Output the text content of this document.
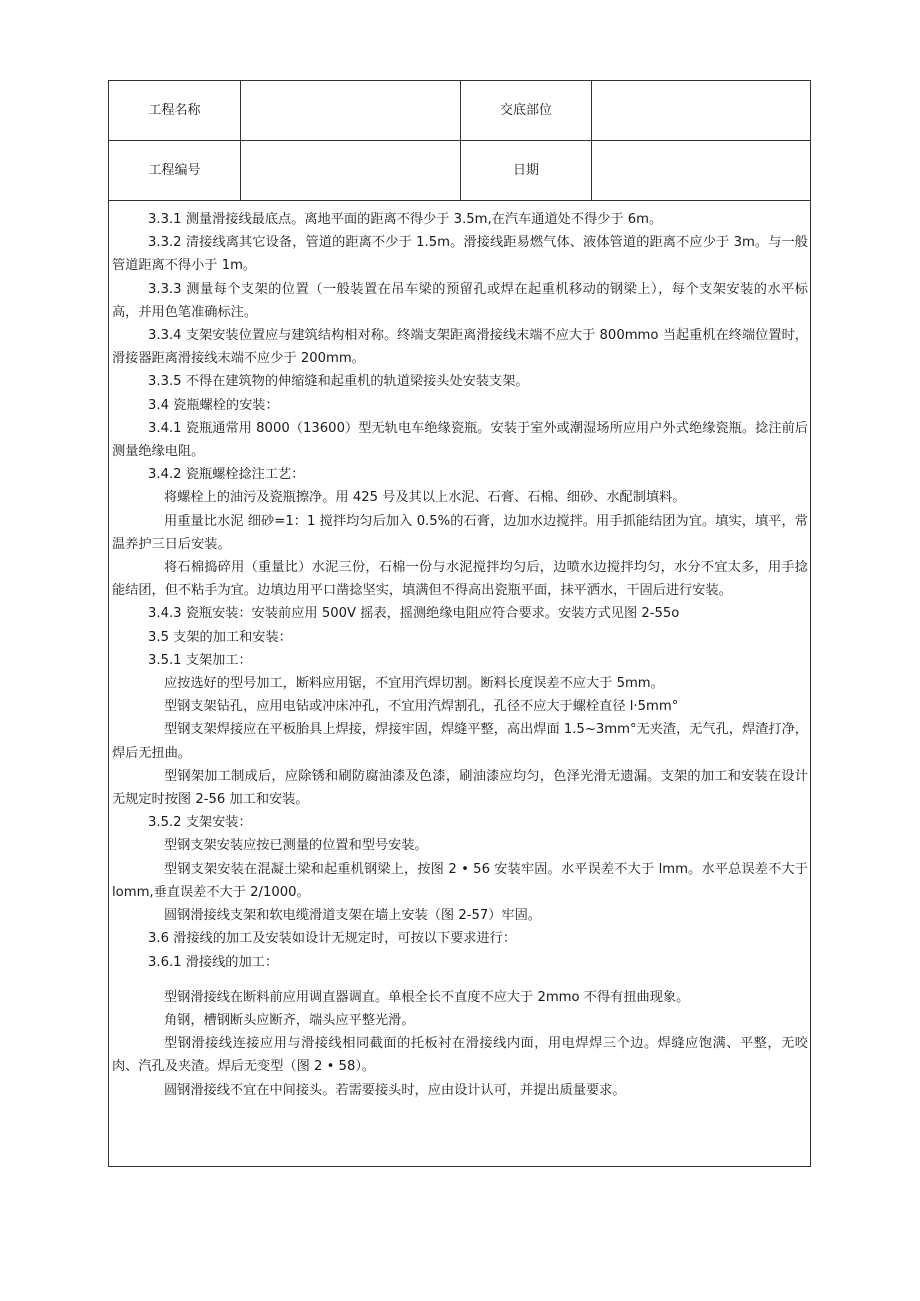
工程名称	交底部位
工程编号	日期

3.3.1 测量滑接线最底点。离地平面的距离不得少于 3.5m,在汽车通道处不得少于 6m。

3.3.2 清接线离其它设备，管道的距离不少于 1.5m。滑接线距易燃气体、液体管道的距离不应少于 3m。与一般管道距离不得小于 1m。

3.3.3 测量每个支架的位置（一般装置在吊车梁的预留孔或焊在起重机移动的钢梁上），每个支架安装的水平标高，并用色笔准确标注。

3.3.4 支架安装位置应与建筑结构相对称。终端支架距离滑接线末端不应大于 800mmo 当起重机在终端位置时，滑接器距离滑接线末端不应少于 200mm。

3.3.5 不得在建筑物的伸缩缝和起重机的轨道梁接头处安装支架。

3.4 瓷瓶螺栓的安装：

3.4.1 瓷瓶通常用 8000（13600）型无轨电车绝缘瓷瓶。安装于室外或潮湿场所应用户外式绝缘瓷瓶。捻注前后测量绝缘电阻。

3.4.2 瓷瓶螺栓捻注工艺：

将螺栓上的油污及瓷瓶擦净。用 425 号及其以上水泥、石膏、石棉、细砂、水配制填料。

用重量比水泥 细砂=1：1 搅拌均匀后加入 0.5%的石膏，边加水边搅拌。用手抓能结团为宜。填实，填平，常温养护三日后安装。

将石棉捣碎用（重量比）水泥三份，石棉一份与水泥搅拌均匀后，边喷水边搅拌均匀，水分不宜太多，用手捻能结团，但不粘手为宜。边填边用平口凿捻坚实，填满但不得高出瓷瓶平面，抹平洒水，干固后进行安装。

3.4.3 瓷瓶安装：安装前应用 500V 摇表，摇测绝缘电阻应符合要求。安装方式见图 2-55o

3.5 支架的加工和安装：

3.5.1 支架加工：

应按选好的型号加工，断料应用锯，不宜用汽焊切割。断料长度误差不应大于 5mm。

型钢支架钻孔，应用电钻或冲床冲孔，不宜用汽焊割孔，孔径不应大于螺栓直径 l·5mm°

型钢支架焊接应在平板胎具上焊接，焊接牢固，焊缝平整，高出焊面 1.5~3mm°无夹渣，无气孔，焊渣打净，焊后无扭曲。

型钢架加工制成后，应除锈和刷防腐油漆及色漆，刷油漆应均匀，色泽光滑无遗漏。支架的加工和安装在设计无规定时按图 2-56 加工和安装。

3.5.2 支架安装：

型钢支架安装应按已测量的位置和型号安装。

型钢支架安装在混凝土梁和起重机钢梁上，按图 2 • 56 安装牢固。水平误差不大于 lmm。水平总误差不大于 lomm,垂直误差不大于 2/1000。

圆钢滑接线支架和软电缆滑道支架在墙上安装（图 2-57）牢固。

3.6 滑接线的加工及安装如设计无规定时，可按以下要求进行：

3.6.1 滑接线的加工：

型钢滑接线在断料前应用调直器调直。单根全长不直度不应大于 2mmo 不得有扭曲现象。

角钢，槽钢断头应断齐，端头应平整光滑。

型钢滑接线连接应用与滑接线相同截面的托板衬在滑接线内面，用电焊焊三个边。焊缝应饱满、平整，无咬肉、汽孔及夹渣。焊后无变型（图 2 • 58）。

圆钢滑接线不宜在中间接头。若需要接头时，应由设计认可，并提出质量要求。
